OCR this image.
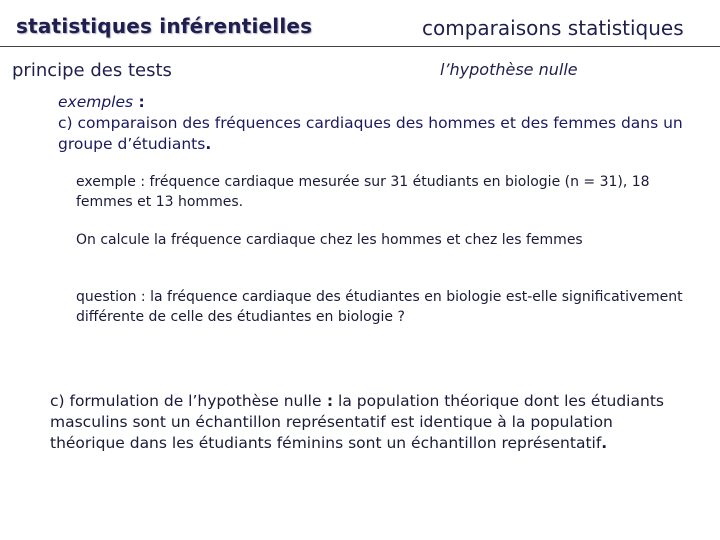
statistiques inférentielles	comparaisons statistiques
principe des tests	l’hypothèse nulle
exemples :
c) comparaison des fréquences cardiaques des hommes et des femmes dans un groupe d’étudiants.

exemple : fréquence cardiaque mesurée sur 31 étudiants en biologie (n = 31), 18 femmes et 13 hommes.

On calcule la fréquence cardiaque chez les hommes et chez les femmes

question : la fréquence cardiaque des étudiantes en biologie est-elle significativement différente de celle des étudiantes en biologie ?

c) formulation de l’hypothèse nulle : la population théorique dont les étudiants masculins sont un échantillon représentatif est identique à la population théorique dans les étudiants féminins sont un échantillon représentatif.
